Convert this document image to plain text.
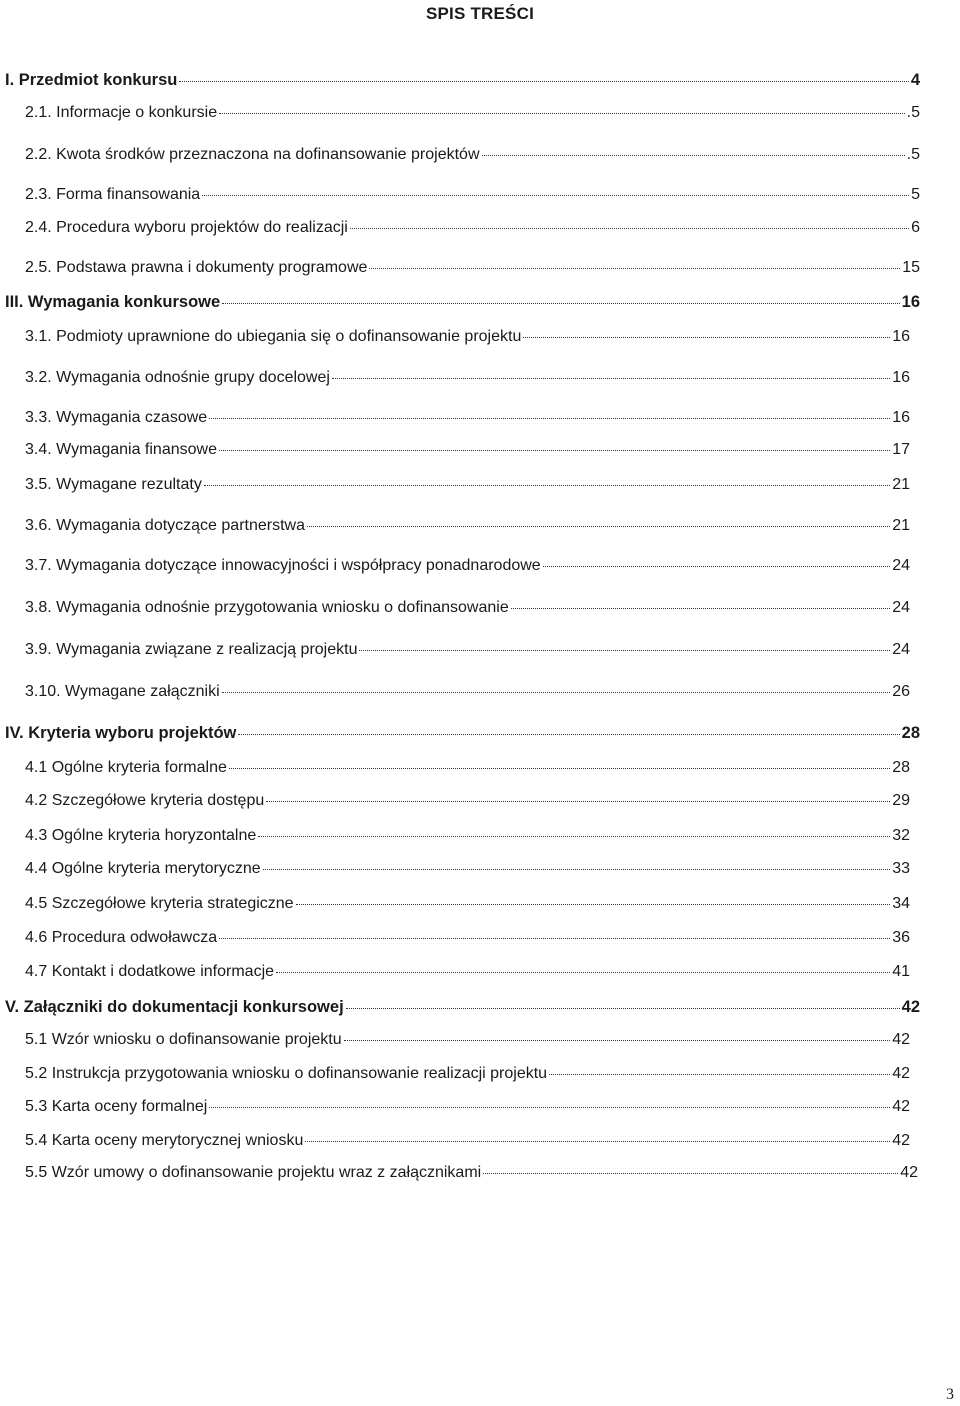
SPIS TREŚCI
I. Przedmiot konkursu	4
2.1. Informacje o konkursie	.5
2.2. Kwota środków przeznaczona na dofinansowanie projektów	.5
2.3. Forma finansowania	5
2.4. Procedura wyboru projektów do realizacji	6
2.5. Podstawa prawna i dokumenty programowe	15
III. Wymagania konkursowe	16
3.1. Podmioty uprawnione do ubiegania się o dofinansowanie projektu	16
3.2. Wymagania odnośnie grupy docelowej	16
3.3. Wymagania czasowe	16
3.4. Wymagania finansowe	17
3.5. Wymagane rezultaty	21
3.6. Wymagania dotyczące partnerstwa	21
3.7. Wymagania dotyczące innowacyjności i współpracy ponadnarodowe	24
3.8. Wymagania odnośnie przygotowania wniosku o dofinansowanie	24
3.9. Wymagania związane z realizacją projektu	24
3.10. Wymagane załączniki	26
IV. Kryteria wyboru projektów	28
4.1 Ogólne kryteria formalne	28
4.2 Szczegółowe kryteria dostępu	29
4.3 Ogólne kryteria horyzontalne	32
4.4 Ogólne kryteria merytoryczne	33
4.5 Szczegółowe kryteria strategiczne	34
4.6 Procedura odwoławcza	36
4.7 Kontakt i dodatkowe informacje	41
V. Załączniki do dokumentacji konkursowej	42
5.1 Wzór wniosku o dofinansowanie projektu	42
5.2 Instrukcja przygotowania wniosku o dofinansowanie realizacji projektu	42
5.3 Karta oceny formalnej	42
5.4 Karta oceny merytorycznej wniosku	42
5.5 Wzór umowy o dofinansowanie projektu wraz z załącznikami	42
3
